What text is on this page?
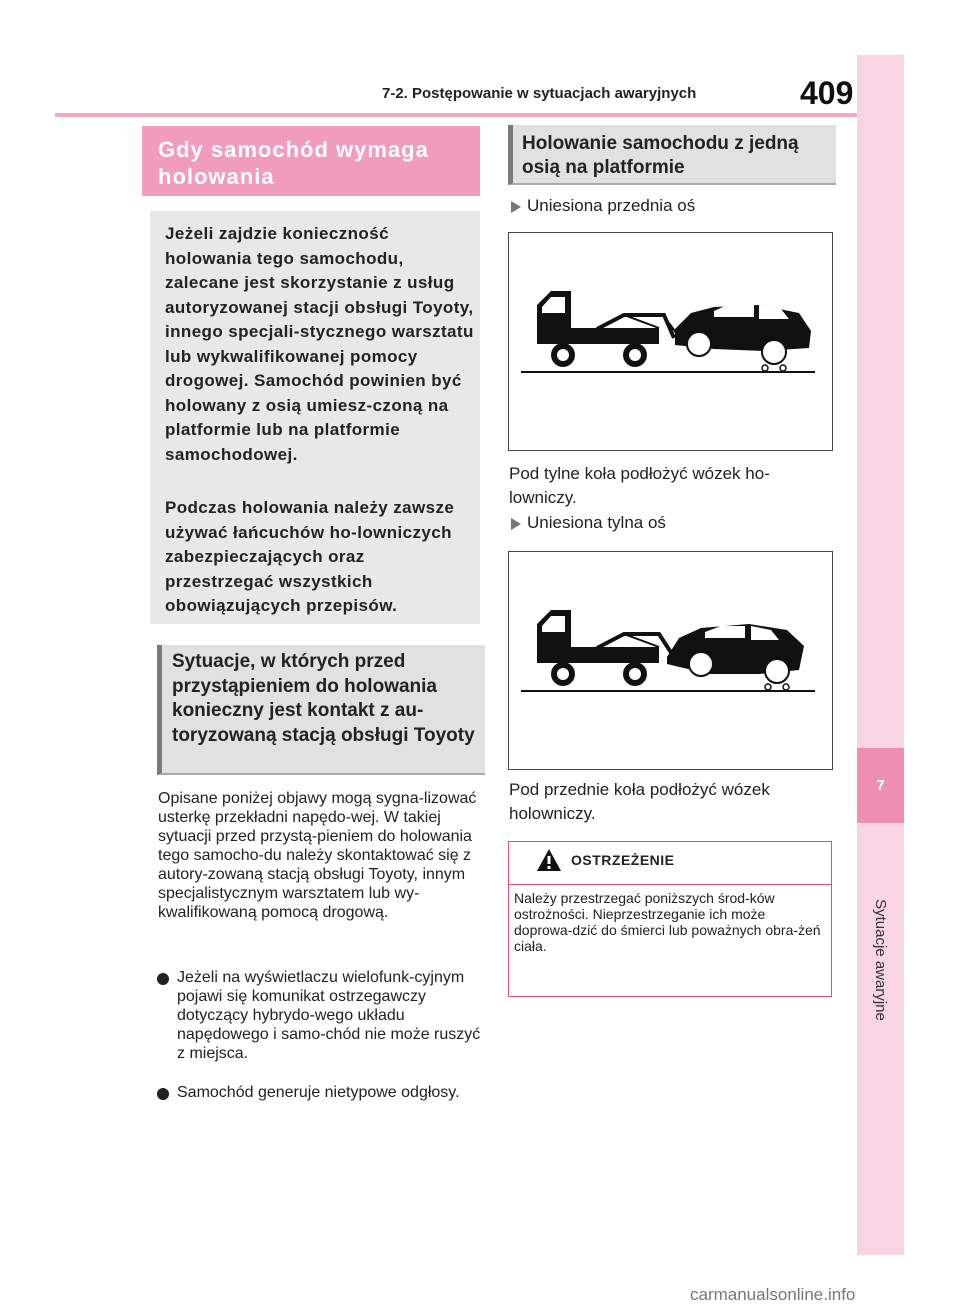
7
Sytuacje awaryjne
7-2. Postępowanie w sytuacjach awaryjnych	409
Gdy samochód wymaga holowania
Jeżeli zajdzie konieczność holowania tego samochodu, zalecane jest skorzystanie z usług autoryzowanej stacji obsługi Toyoty, innego specjali-stycznego warsztatu lub wykwalifikowanej pomocy drogowej. Samochód powinien być holowany z osią umiesz-czoną na platformie lub na platformie samochodowej.
Podczas holowania należy zawsze używać łańcuchów ho-lowniczych zabezpieczających oraz przestrzegać wszystkich obowiązujących przepisów.
Sytuacje, w których przed przystąpieniem do holowania konieczny jest kontakt z au-toryzowaną stacją obsługi Toyoty
Opisane poniżej objawy mogą sygna-lizować usterkę przekładni napędo-wej. W takiej sytuacji przed przystą-pieniem do holowania tego samocho-du należy skontaktować się z autory-zowaną stacją obsługi Toyoty, innym specjalistycznym warsztatem lub wy-kwalifikowaną pomocą drogową.
Jeżeli na wyświetlaczu wielofunk-cyjnym pojawi się komunikat ostrzegawczy dotyczący hybrydo-wego układu napędowego i samo-chód nie może ruszyć z miejsca.
Samochód generuje nietypowe odgłosy.
Holowanie samochodu z jedną osią na platformie
Uniesiona przednia oś
Pod tylne koła podłożyć wózek ho-lowniczy.
Uniesiona tylna oś
Pod przednie koła podłożyć wózek holowniczy.
OSTRZEŻENIE
Należy przestrzegać poniższych środ-ków ostrożności. Nieprzestrzeganie ich może doprowa-dzić do śmierci lub poważnych obra-żeń ciała.
carmanualsonline.info
